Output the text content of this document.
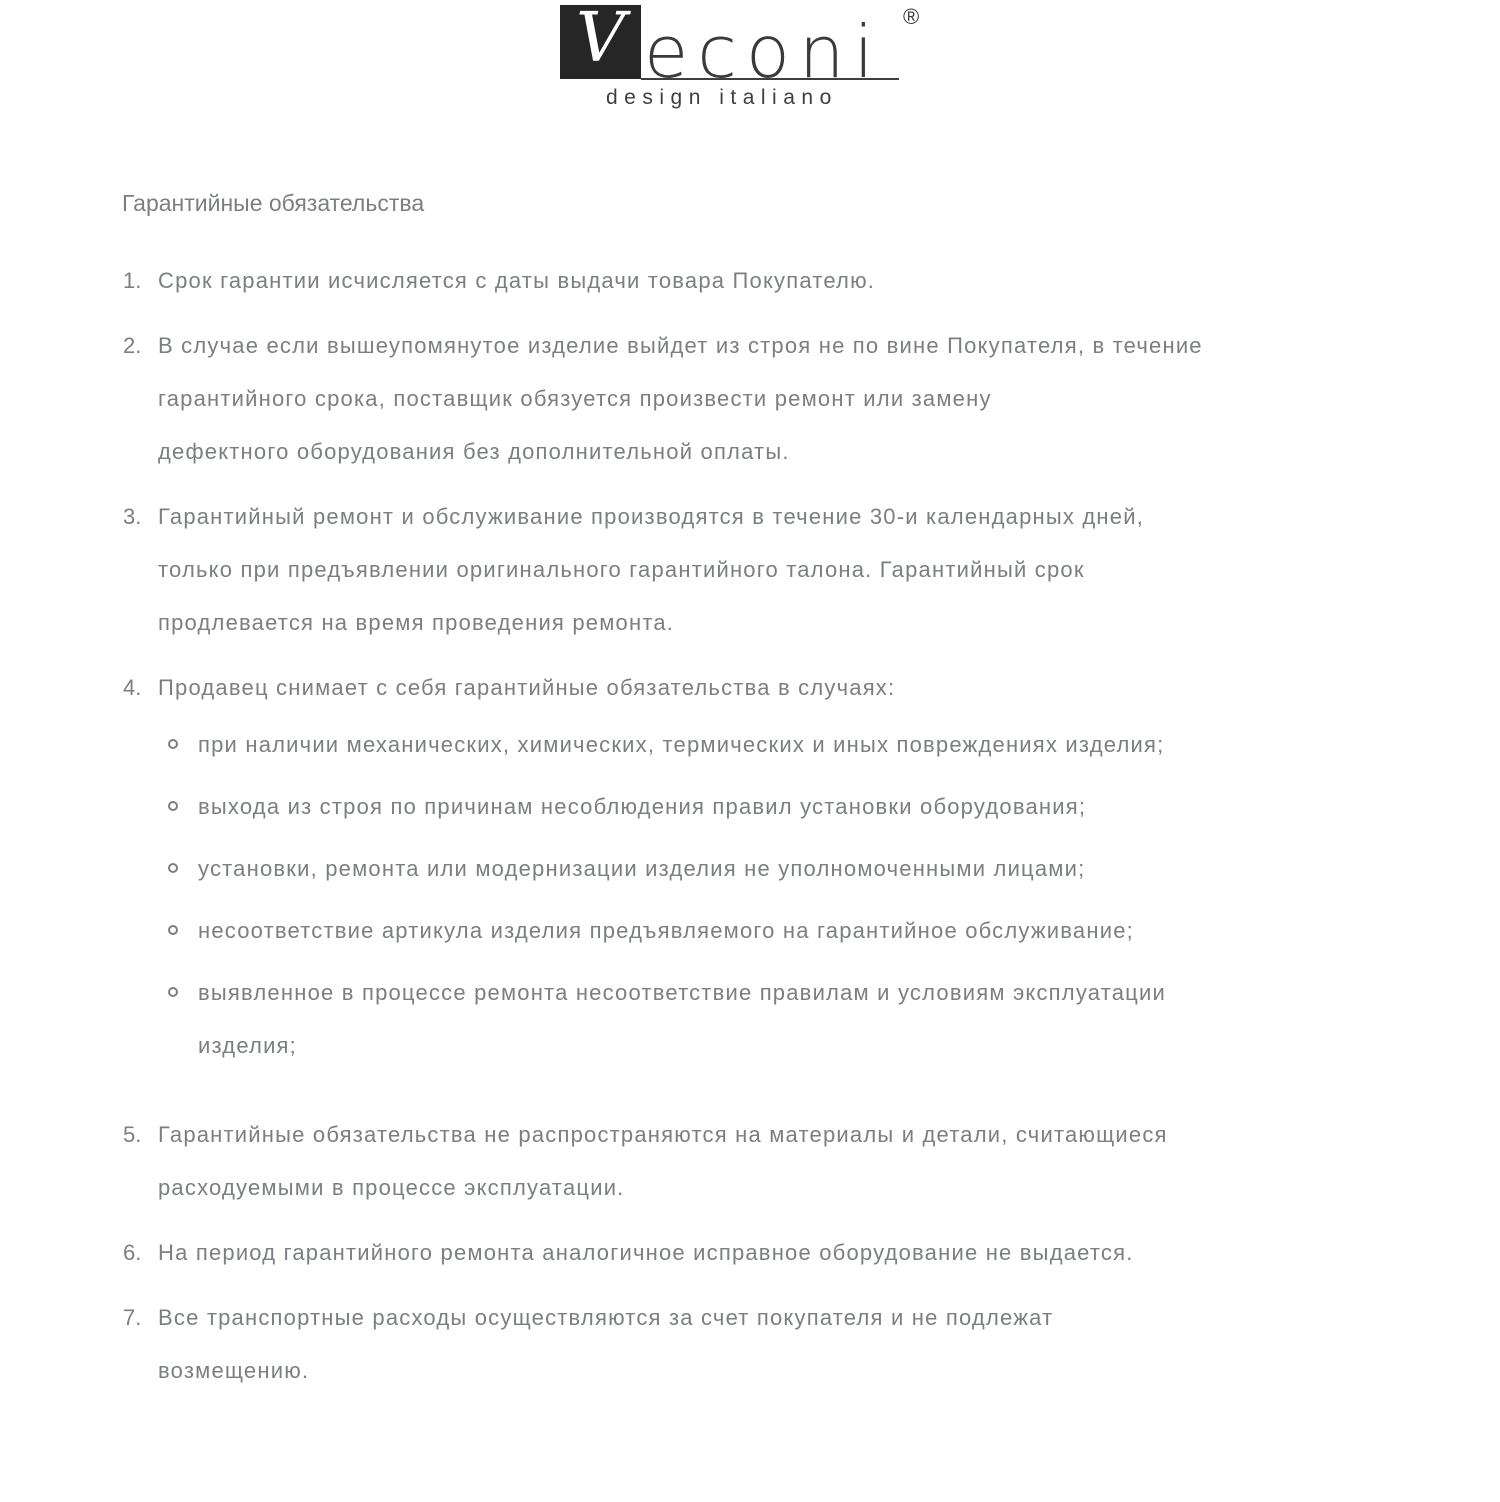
V econi ®
design italiano
Гарантийные обязательства
1. Срок гарантии исчисляется с даты выдачи товара Покупателю.
2. В случае если вышеупомянутое изделие выйдет из строя не по вине Покупателя, в течение
гарантийного срока, поставщик обязуется произвести ремонт или замену
дефектного оборудования без дополнительной оплаты.
3. Гарантийный ремонт и обслуживание производятся в течение 30-и календарных дней,
только при предъявлении оригинального гарантийного талона. Гарантийный срок
продлевается на время проведения ремонта.
4. Продавец снимает с себя гарантийные обязательства в случаях:
при наличии механических, химических, термических и иных повреждениях изделия;
выхода из строя по причинам несоблюдения правил установки оборудования;
установки, ремонта или модернизации изделия не уполномоченными лицами;
несоответствие артикула изделия предъявляемого на гарантийное обслуживание;
выявленное в процессе ремонта несоответствие правилам и условиям эксплуатации
изделия;
5. Гарантийные обязательства не распространяются на материалы и детали, считающиеся
расходуемыми в процессе эксплуатации.
6. На период гарантийного ремонта аналогичное исправное оборудование не выдается.
7. Все транспортные расходы осуществляются за счет покупателя и не подлежат
возмещению.
